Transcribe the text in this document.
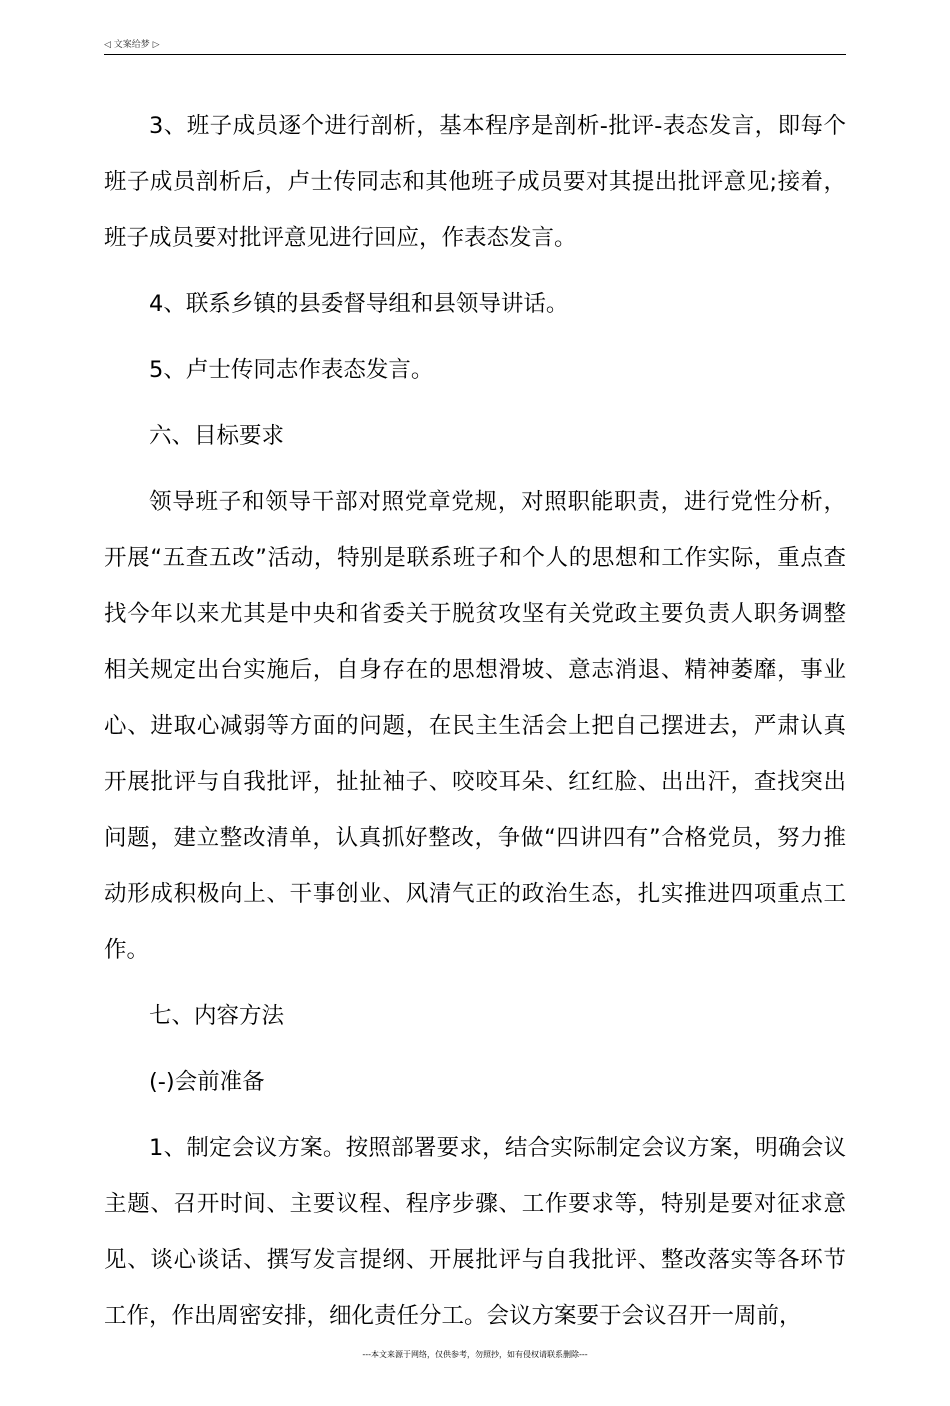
◁ 文案给梦 ▷

3、班子成员逐个进行剖析，基本程序是剖析-批评-表态发言，即每个班子成员剖析后，卢士传同志和其他班子成员要对其提出批评意见;接着，班子成员要对批评意见进行回应，作表态发言。

4、联系乡镇的县委督导组和县领导讲话。

5、卢士传同志作表态发言。

六、目标要求

领导班子和领导干部对照党章党规，对照职能职责，进行党性分析，开展“五查五改”活动，特别是联系班子和个人的思想和工作实际，重点查找今年以来尤其是中央和省委关于脱贫攻坚有关党政主要负责人职务调整相关规定出台实施后，自身存在的思想滑坡、意志消退、精神萎靡，事业心、进取心减弱等方面的问题，在民主生活会上把自己摆进去，严肃认真开展批评与自我批评，扯扯袖子、咬咬耳朵、红红脸、出出汗，查找突出问题，建立整改清单，认真抓好整改，争做“四讲四有”合格党员，努力推动形成积极向上、干事创业、风清气正的政治生态，扎实推进四项重点工作。

七、内容方法

(-)会前准备

1、制定会议方案。按照部署要求，结合实际制定会议方案，明确会议主题、召开时间、主要议程、程序步骤、工作要求等，特别是要对征求意见、谈心谈话、撰写发言提纲、开展批评与自我批评、整改落实等各环节工作，作出周密安排，细化责任分工。会议方案要于会议召开一周前，

---本文来源于网络，仅供参考，勿照抄，如有侵权请联系删除---
